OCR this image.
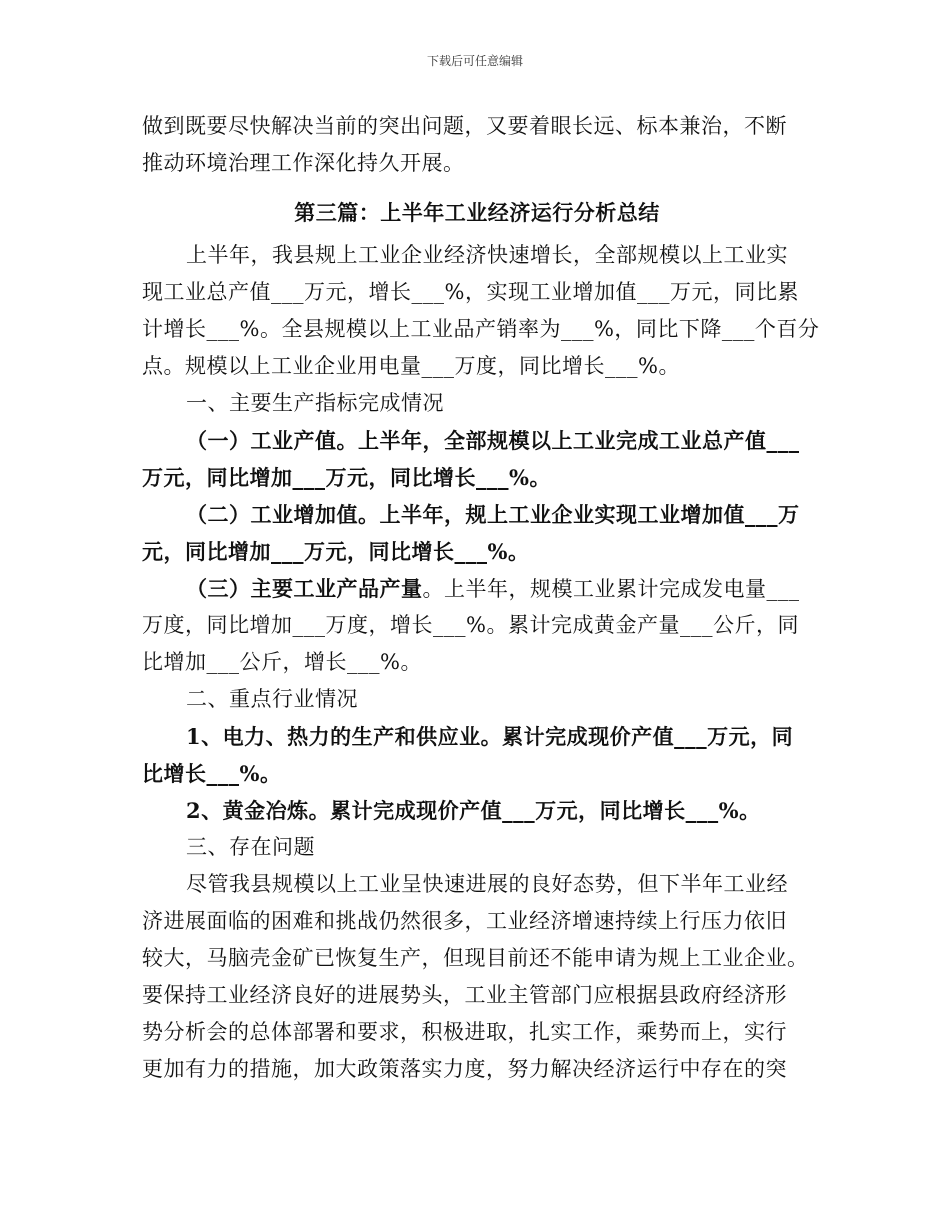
下载后可任意编辑
做到既要尽快解决当前的突出问题，又要着眼长远、标本兼治，不断
推动环境治理工作深化持久开展。
第三篇：上半年工业经济运行分析总结
上半年，我县规上工业企业经济快速增长，全部规模以上工业实
现工业总产值___万元，增长___%，实现工业增加值___万元，同比累
计增长___%。全县规模以上工业品产销率为___%，同比下降___个百分
点。规模以上工业企业用电量___万度，同比增长___%。
一、主要生产指标完成情况
（一）工业产值。上半年，全部规模以上工业完成工业总产值___
万元，同比增加___万元，同比增长___%。
（二）工业增加值。上半年，规上工业企业实现工业增加值___万
元，同比增加___万元，同比增长___%。
（三）主要工业产品产量。上半年，规模工业累计完成发电量___
万度，同比增加___万度，增长___%。累计完成黄金产量___公斤，同
比增加___公斤，增长___%。
二、重点行业情况
1、电力、热力的生产和供应业。累计完成现价产值___万元，同
比增长___%。
2、黄金冶炼。累计完成现价产值___万元，同比增长___%。
三、存在问题
尽管我县规模以上工业呈快速进展的良好态势，但下半年工业经
济进展面临的困难和挑战仍然很多，工业经济增速持续上行压力依旧
较大，马脑壳金矿已恢复生产，但现目前还不能申请为规上工业企业。
要保持工业经济良好的进展势头，工业主管部门应根据县政府经济形
势分析会的总体部署和要求，积极进取，扎实工作，乘势而上，实行
更加有力的措施，加大政策落实力度，努力解决经济运行中存在的突
